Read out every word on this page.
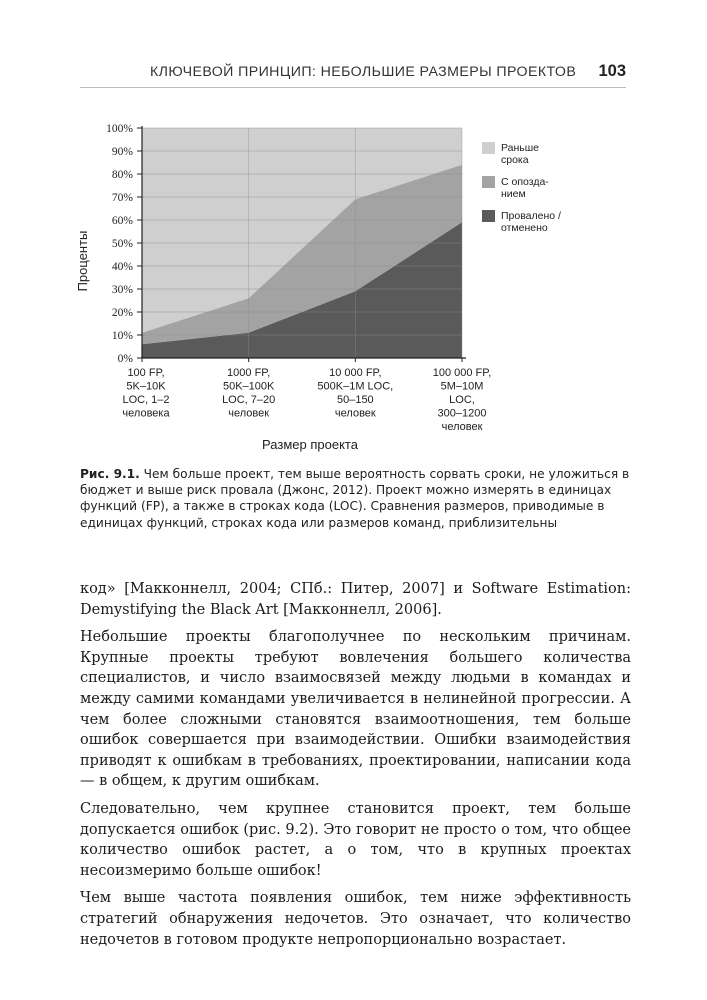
КЛЮЧЕВОЙ ПРИНЦИП: НЕБОЛЬШИЕ РАЗМЕРЫ ПРОЕКТОВ 103
0%
10%
20%
30%
40%
50%
60%
70%
80%
90%
100%
100 FP,
5K–10K
LOC, 1–2
человека
1000 FP,
50K–100K
LOC, 7–20
человек
10 000 FP,
500K–1M LOC,
50–150
человек
100 000 FP,
5M–10M
LOC,
300–1200
человек
Проценты
Размер проекта
Раньше
срока
С опозда-
нием
Провалено /
отменено
Рис. 9.1. Чем больше проект, тем выше вероятность сорвать сроки, не уложиться в бюджет и выше риск провала (Джонс, 2012). Проект можно измерять в единицах функций (FP), а также в строках кода (LOC). Сравнения размеров, приводимые в единицах функций, строках кода или размеров команд, приблизительны

код» [Макконнелл, 2004; СПб.: Питер, 2007] и Software Estimation: Demystifying the Black Art [Макконнелл, 2006].

Небольшие проекты благополучнее по нескольким причинам. Крупные проекты требуют вовлечения большего количества специалистов, и число взаимосвязей между людьми в командах и между самими командами увеличивается в нелинейной прогрессии. А чем более сложными становятся взаимоотношения, тем больше ошибок совершается при взаимодействии. Ошибки взаимодействия приводят к ошибкам в требованиях, проектировании, написании кода — в общем, к другим ошибкам.

Следовательно, чем крупнее становится проект, тем больше допускается ошибок (рис. 9.2). Это говорит не просто о том, что общее количество ошибок растет, а о том, что в крупных проектах несоизмеримо больше ошибок!

Чем выше частота появления ошибок, тем ниже эффективность стратегий обнаружения недочетов. Это означает, что количество недочетов в готовом продукте непропорционально возрастает.
